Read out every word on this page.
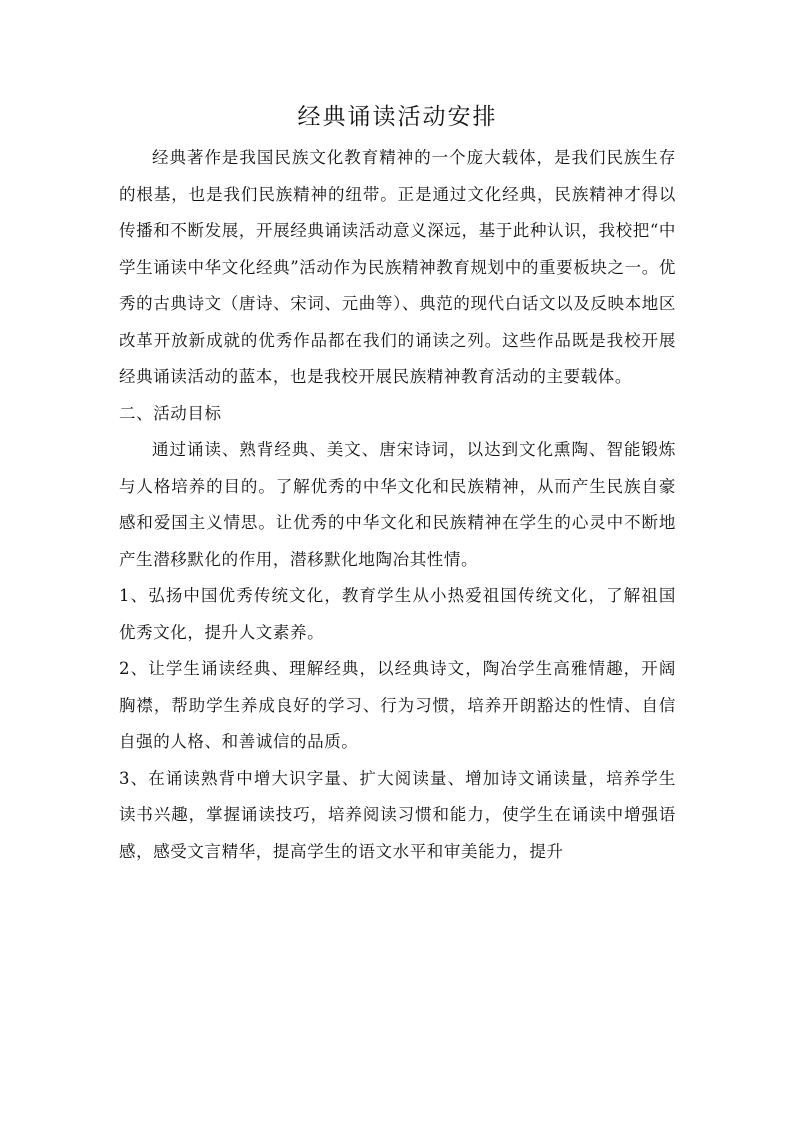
经典诵读活动安排

经典著作是我国民族文化教育精神的一个庞大载体，是我们民族生存的根基，也是我们民族精神的纽带。正是通过文化经典，民族精神才得以传播和不断发展，开展经典诵读活动意义深远，基于此种认识，我校把“中学生诵读中华文化经典”活动作为民族精神教育规划中的重要板块之一。优秀的古典诗文（唐诗、宋词、元曲等）、典范的现代白话文以及反映本地区改革开放新成就的优秀作品都在我们的诵读之列。这些作品既是我校开展经典诵读活动的蓝本，也是我校开展民族精神教育活动的主要载体。

二、活动目标

通过诵读、熟背经典、美文、唐宋诗词，以达到文化熏陶、智能锻炼与人格培养的目的。了解优秀的中华文化和民族精神，从而产生民族自豪感和爱国主义情思。让优秀的中华文化和民族精神在学生的心灵中不断地产生潜移默化的作用，潜移默化地陶冶其性情。

1、弘扬中国优秀传统文化，教育学生从小热爱祖国传统文化，了解祖国优秀文化，提升人文素养。

2、让学生诵读经典、理解经典，以经典诗文，陶冶学生高雅情趣，开阔胸襟，帮助学生养成良好的学习、行为习惯，培养开朗豁达的性情、自信自强的人格、和善诚信的品质。

3、在诵读熟背中增大识字量、扩大阅读量、增加诗文诵读量，培养学生读书兴趣，掌握诵读技巧，培养阅读习惯和能力，使学生在诵读中增强语感，感受文言精华，提高学生的语文水平和审美能力，提升
